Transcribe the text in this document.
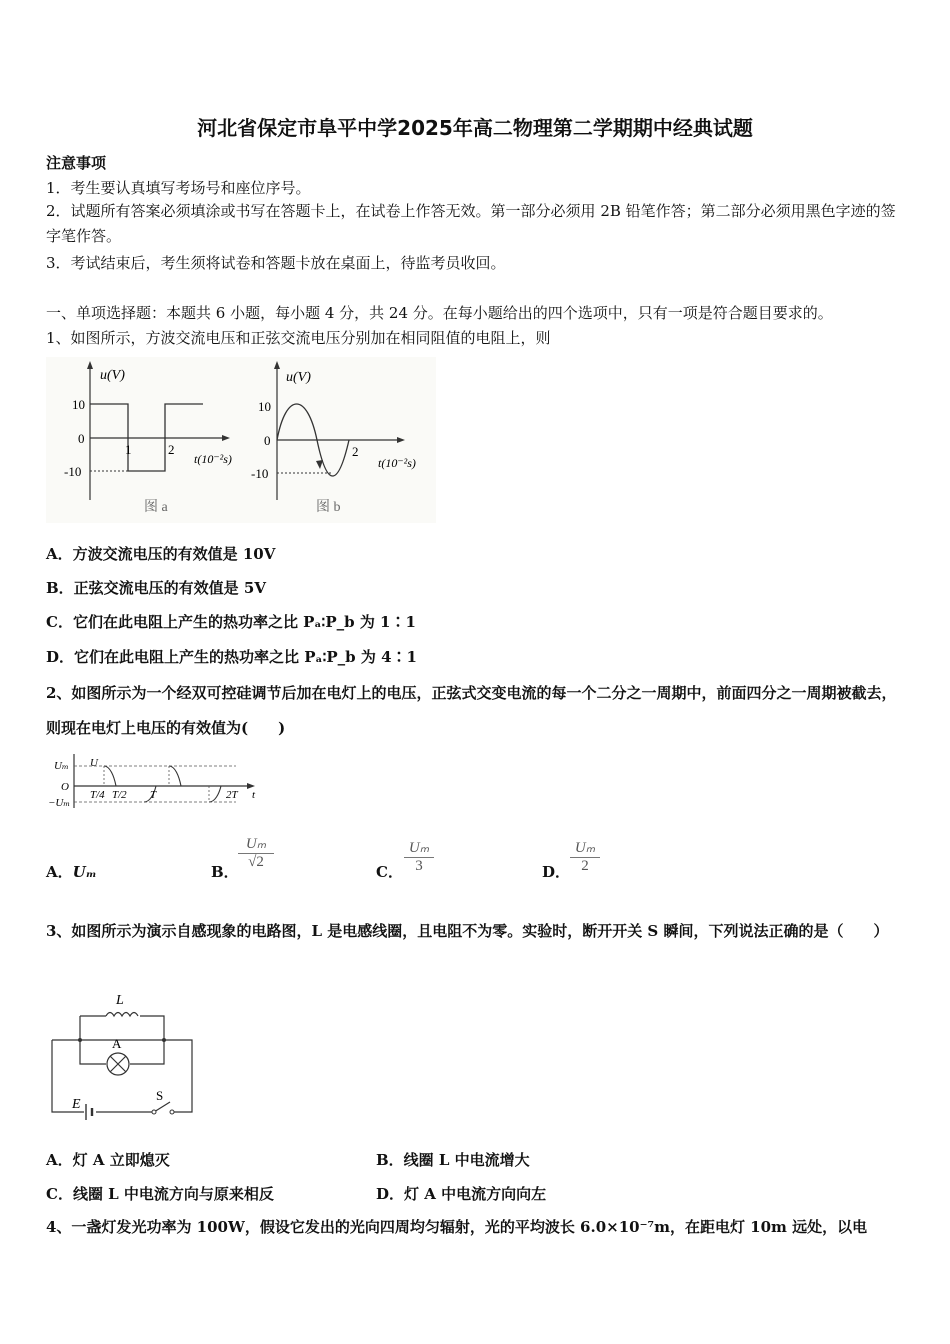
河北省保定市阜平中学2025年高二物理第二学期期中经典试题
注意事项
1．考生要认真填写考场号和座位序号。
2．试题所有答案必须填涂或书写在答题卡上，在试卷上作答无效。第一部分必须用 2B 铅笔作答；第二部分必须用黑色字迹的签字笔作答。
3．考试结束后，考生须将试卷和答题卡放在桌面上，待监考员收回。
一、单项选择题：本题共 6 小题，每小题 4 分，共 24 分。在每小题给出的四个选项中，只有一项是符合题目要求的。
1、如图所示，方波交流电压和正弦交流电压分别加在相同阻值的电阻上，则
u(V)
10
0
-10
1	2
t(10⁻²s)
图 a
u(V)
10
0
-10
2
t(10⁻²s)
图 b
A．方波交流电压的有效值是 10V
B．正弦交流电压的有效值是 5V
C．它们在此电阻上产生的热功率之比 Pₐ∶P_b 为 1∶1
D．它们在此电阻上产生的热功率之比 Pₐ∶P_b 为 4∶1
2、如图所示为一个经双可控硅调节后加在电灯上的电压，正弦式交变电流的每一个二分之一周期中，前面四分之一周期被截去，则现在电灯上电压的有效值为(　　)
Uₘ U
O
−Uₘ
T/4 T/2 T	2T t
A．Uₘ	B．
$\frac{\text{Uₘ}}{√2}$
C． $\frac{\text{Uₘ}}{3}$	D． $\frac{\text{Uₘ}}{2}$
3、如图所示为演示自感现象的电路图，L 是电感线圈，且电阻不为零。实验时，断开开关 S 瞬间，下列说法正确的是（　　）
L
A
E
S
A．灯 A 立即熄灭	B．线圈 L 中电流增大
C．线圈 L 中电流方向与原来相反	D．灯 A 中电流方向向左
4、一盏灯发光功率为 100W，假设它发出的光向四周均匀辐射，光的平均波长 6.0×10⁻⁷m，在距电灯 10m 远处，以电
